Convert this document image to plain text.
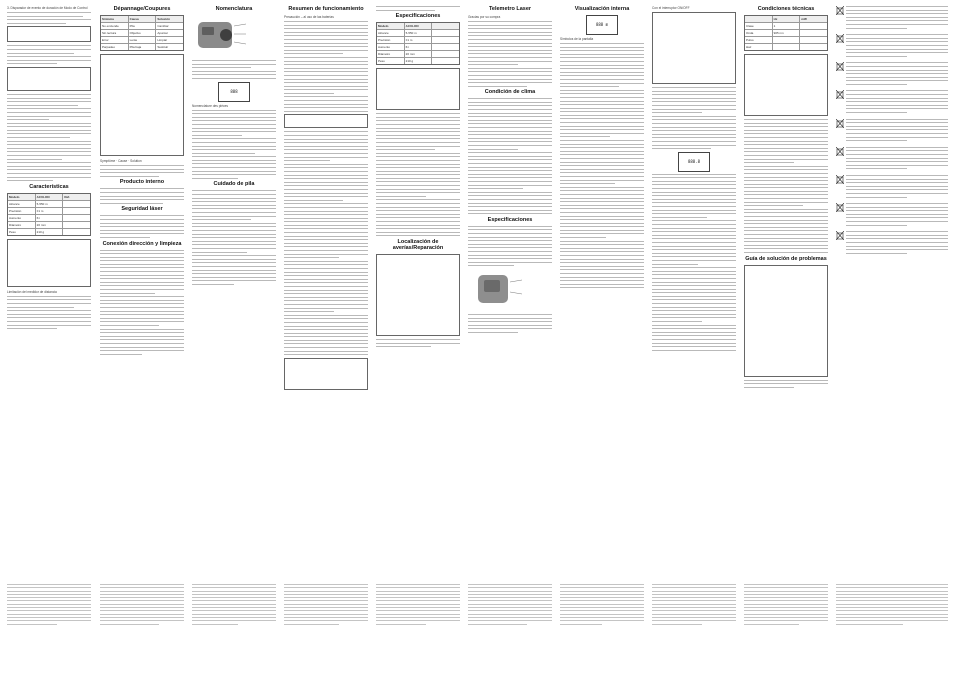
3. Disparador de evento de duración de Modo de Control

Características
Modelo	ACULON	Ref.
Alcance	5-550 m
Precisión	±1 m
Aumento	6×
Diámetro	20 mm
Peso	210 g

Limitación del medidor de distancia

Dépannage/Coupures
Síntoma	Causa	Solución
No enciende	Pila	Cambiar
Sin lectura	Objetivo	Apuntar
Error	Lente	Limpiar
Parpadeo	Pila baja	Sustituir

Symptôme · Cause · Solution

Producto interno
Seguridad láser
Conexión dirección y limpieza
Nomenclatura
888

Nomenclature des pièces

Cuidado de pila
Resumen de funcionamiento

Precaución – al uso de las baterías	Especificaciones
Modelo	ACULON
Alcance	5-550 m
Precisión	±1 m
Aumento	6×
Diámetro	20 mm
Peso	210 g
Localización de averías/Reparación
Telemetro Laser

Gracias por su compra

Condición de clima
Especificaciones
Visualización interna
888 m

Símbolos de la pantalla

Con el interruptor ON/OFF

888.8
Condiciones técnicas
Hz	mW
Clase	1
Onda	905 nm
Pulso
Haz
Guía de solución de problemas
